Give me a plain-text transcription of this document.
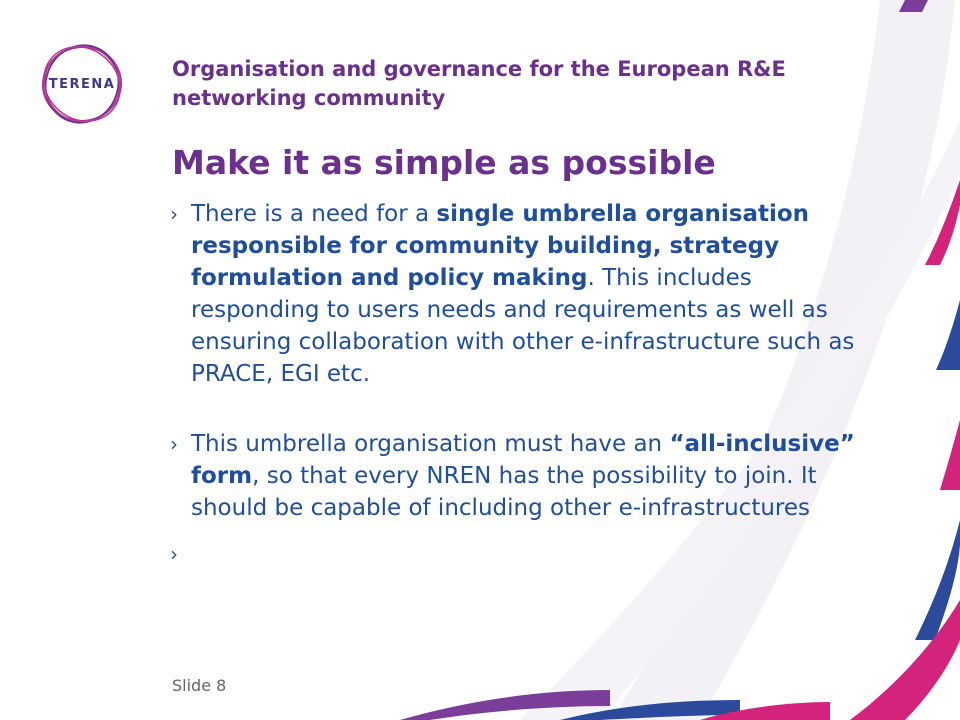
TERENA
Organisation and governance for the European R&E networking community
Make it as simple as possible
› There is a need for a single umbrella organisation responsible for community building, strategy formulation and policy making. This includes responding to users needs and requirements as well as ensuring collaboration with other e-infrastructure such as PRACE, EGI etc.
› This umbrella organisation must have an “all-inclusive” form, so that every NREN has the possibility to join. It should be capable of including other e-infrastructures
›

Slide 8
